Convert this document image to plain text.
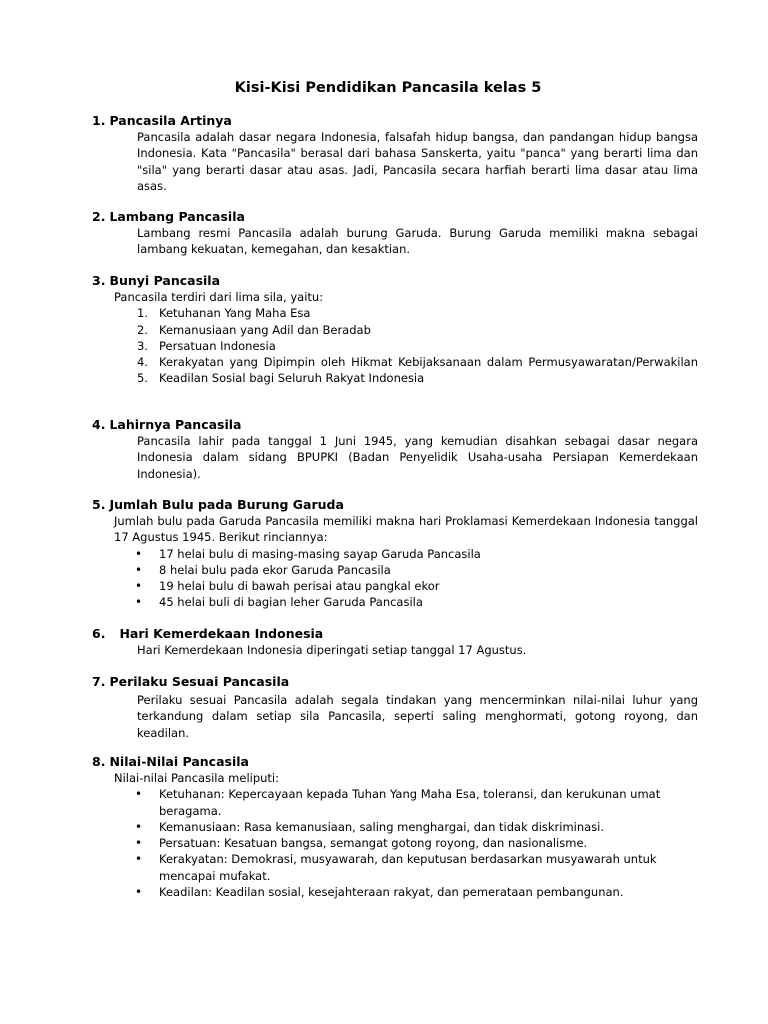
Kisi-Kisi Pendidikan Pancasila kelas 5
1. Pancasila Artinya
Pancasila adalah dasar negara Indonesia, falsafah hidup bangsa, dan pandangan hidup bangsa Indonesia. Kata "Pancasila" berasal dari bahasa Sanskerta, yaitu "panca" yang berarti lima dan "sila" yang berarti dasar atau asas. Jadi, Pancasila secara harfiah berarti lima dasar atau lima asas.
2. Lambang Pancasila
Lambang resmi Pancasila adalah burung Garuda. Burung Garuda memiliki makna sebagai lambang kekuatan, kemegahan, dan kesaktian.
3. Bunyi Pancasila
Pancasila terdiri dari lima sila, yaitu:
1. Ketuhanan Yang Maha Esa
2. Kemanusiaan yang Adil dan Beradab
3. Persatuan Indonesia
4. Kerakyatan yang Dipimpin oleh Hikmat Kebijaksanaan dalam Permusyawaratan/Perwakilan
5. Keadilan Sosial bagi Seluruh Rakyat Indonesia
4. Lahirnya Pancasila
Pancasila lahir pada tanggal 1 Juni 1945, yang kemudian disahkan sebagai dasar negara Indonesia dalam sidang BPUPKI (Badan Penyelidik Usaha-usaha Persiapan Kemerdekaan Indonesia).
5. Jumlah Bulu pada Burung Garuda
Jumlah bulu pada Garuda Pancasila memiliki makna hari Proklamasi Kemerdekaan Indonesia tanggal 17 Agustus 1945. Berikut rinciannya:
• 17 helai bulu di masing-masing sayap Garuda Pancasila
• 8 helai bulu pada ekor Garuda Pancasila
• 19 helai bulu di bawah perisai atau pangkal ekor
• 45 helai buli di bagian leher Garuda Pancasila
6. Hari Kemerdekaan Indonesia
Hari Kemerdekaan Indonesia diperingati setiap tanggal 17 Agustus.
7. Perilaku Sesuai Pancasila
Perilaku sesuai Pancasila adalah segala tindakan yang mencerminkan nilai-nilai luhur yang terkandung dalam setiap sila Pancasila, seperti saling menghormati, gotong royong, dan keadilan.
8. Nilai-Nilai Pancasila
Nilai-nilai Pancasila meliputi:
• Ketuhanan: Kepercayaan kepada Tuhan Yang Maha Esa, toleransi, dan kerukunan umat beragama.
• Kemanusiaan: Rasa kemanusiaan, saling menghargai, dan tidak diskriminasi.
• Persatuan: Kesatuan bangsa, semangat gotong royong, dan nasionalisme.
• Kerakyatan: Demokrasi, musyawarah, dan keputusan berdasarkan musyawarah untuk mencapai mufakat.
• Keadilan: Keadilan sosial, kesejahteraan rakyat, dan pemerataan pembangunan.
